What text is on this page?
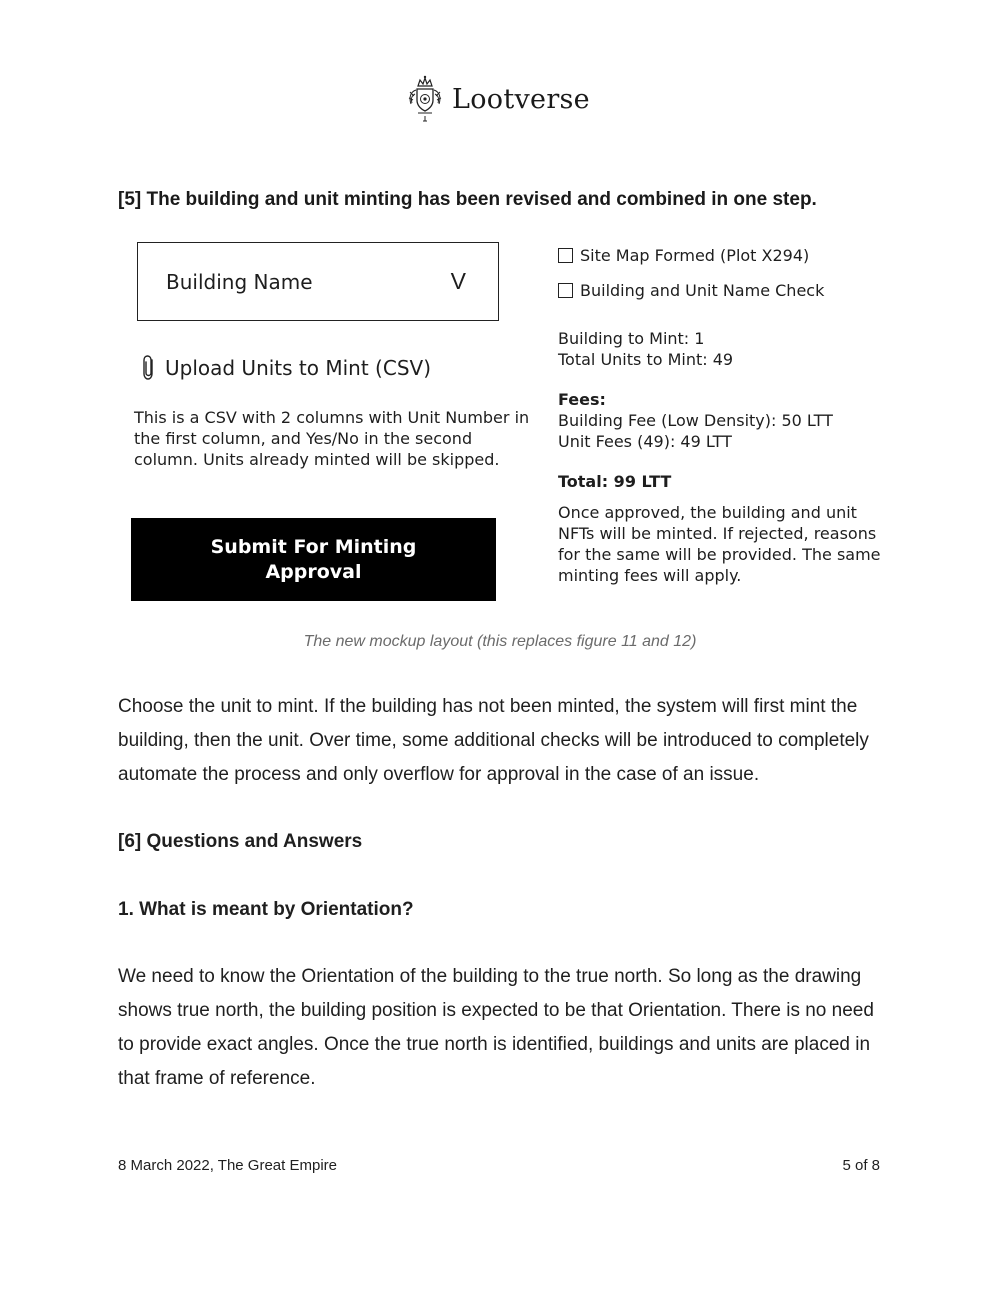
Lootverse
[5] The building and unit minting has been revised and combined in one step.
Building Name	V
Upload Units to Mint (CSV)
This is a CSV with 2 columns with Unit Number in the first column, and Yes/No in the second column. Units already minted will be skipped.
Submit For Minting Approval
Site Map Formed (Plot X294)
Building and Unit Name Check
Building to Mint: 1
Total Units to Mint: 49
Fees:
Building Fee (Low Density): 50 LTT
Unit Fees (49): 49 LTT
Total: 99 LTT
Once approved, the building and unit NFTs will be minted. If rejected, reasons for the same will be provided. The same minting fees will apply.
The new mockup layout (this replaces figure 11 and 12)
Choose the unit to mint. If the building has not been minted, the system will first mint the building, then the unit. Over time, some additional checks will be introduced to completely automate the process and only overflow for approval in the case of an issue.
[6] Questions and Answers
1. What is meant by Orientation?
We need to know the Orientation of the building to the true north. So long as the drawing shows true north, the building position is expected to be that Orientation. There is no need to provide exact angles. Once the true north is identified, buildings and units are placed in that frame of reference.
8 March 2022, The Great Empire	5 of 8
